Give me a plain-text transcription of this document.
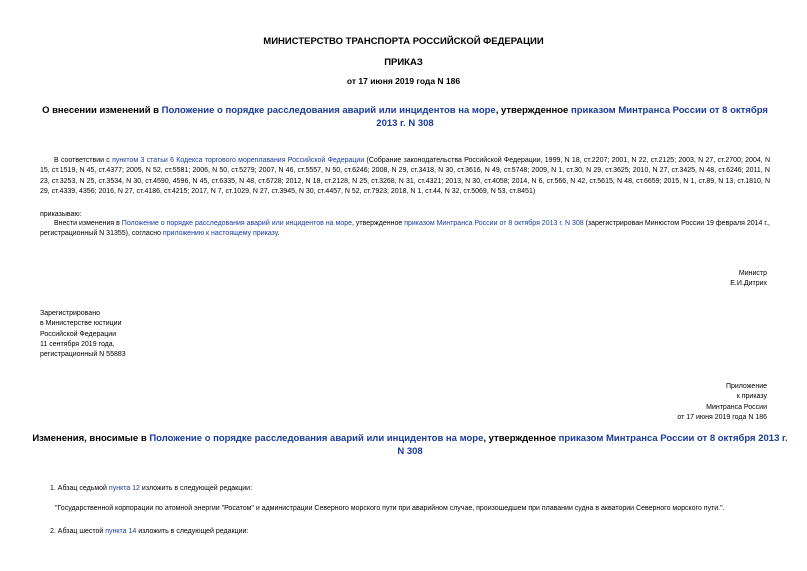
МИНИСТЕРСТВО ТРАНСПОРТА РОССИЙСКОЙ ФЕДЕРАЦИИ
ПРИКАЗ
от 17 июня 2019 года N 186
О внесении изменений в Положение о порядке расследования аварий или инцидентов на море, утвержденное приказом Минтранса России от 8 октября 2013 г. N 308
В соответствии с пунктом 3 статьи 6 Кодекса торгового мореплавания Российской Федерации (Собрание законодательства Российской Федерации, 1999, N 18, ст.2207; 2001, N 22, ст.2125; 2003, N 27, ст.2700; 2004, N 15, ст.1519, N 45, ст.4377; 2005, N 52, ст.5581; 2006, N 50, ст.5279; 2007, N 46, ст.5557, N 50, ст.6246; 2008, N 29, ст.3418, N 30, ст.3616, N 49, ст.5748; 2009, N 1, ст.30, N 29, ст.3625; 2010, N 27, ст.3425, N 48, ст.6246; 2011, N 23, ст.3253, N 25, ст.3534, N 30, ст.4590, 4596, N 45, ст.6335, N 48, ст.6728; 2012, N 18, ст.2128, N 25, ст.3268, N 31, ст.4321; 2013, N 30, ст.4058; 2014, N 6, ст.566, N 42, ст.5615, N 48, ст.6659; 2015, N 1, ст.89, N 13, ст.1810, N 29, ст.4339, 4356; 2016, N 27, ст.4186, ст.4215; 2017, N 7, ст.1029, N 27, ст.3945, N 30, ст.4457, N 52, ст.7923; 2018, N 1, ст.44, N 32, ст.5069, N 53, ст.8451)
приказываю:
Внести изменения в Положение о порядке расследования аварий или инцидентов на море, утвержденное приказом Минтранса России от 8 октября 2013 г. N 308 (зарегистрирован Минюстом России 19 февраля 2014 г., регистрационный N 31355), согласно приложению к настоящему приказу.
Министр
Е.И.Дитрих
Зарегистрировано
в Министерстве юстиции
Российской Федерации
11 сентября 2019 года,
регистрационный N 55883
Приложение
к приказу
Минтранса России
от 17 июня 2019 года N 186
Изменения, вносимые в Положение о порядке расследования аварий или инцидентов на море, утвержденное приказом Минтранса России от 8 октября 2013 г. N 308
1. Абзац седьмой пункта 12 изложить в следующей редакции:
"Государственной корпорации по атомной энергии "Росатом" и администрации Северного морского пути при аварийном случае, произошедшем при плавании судна в акватории Северного морского пути.".
2. Абзац шестой пункта 14 изложить в следующей редакции:
